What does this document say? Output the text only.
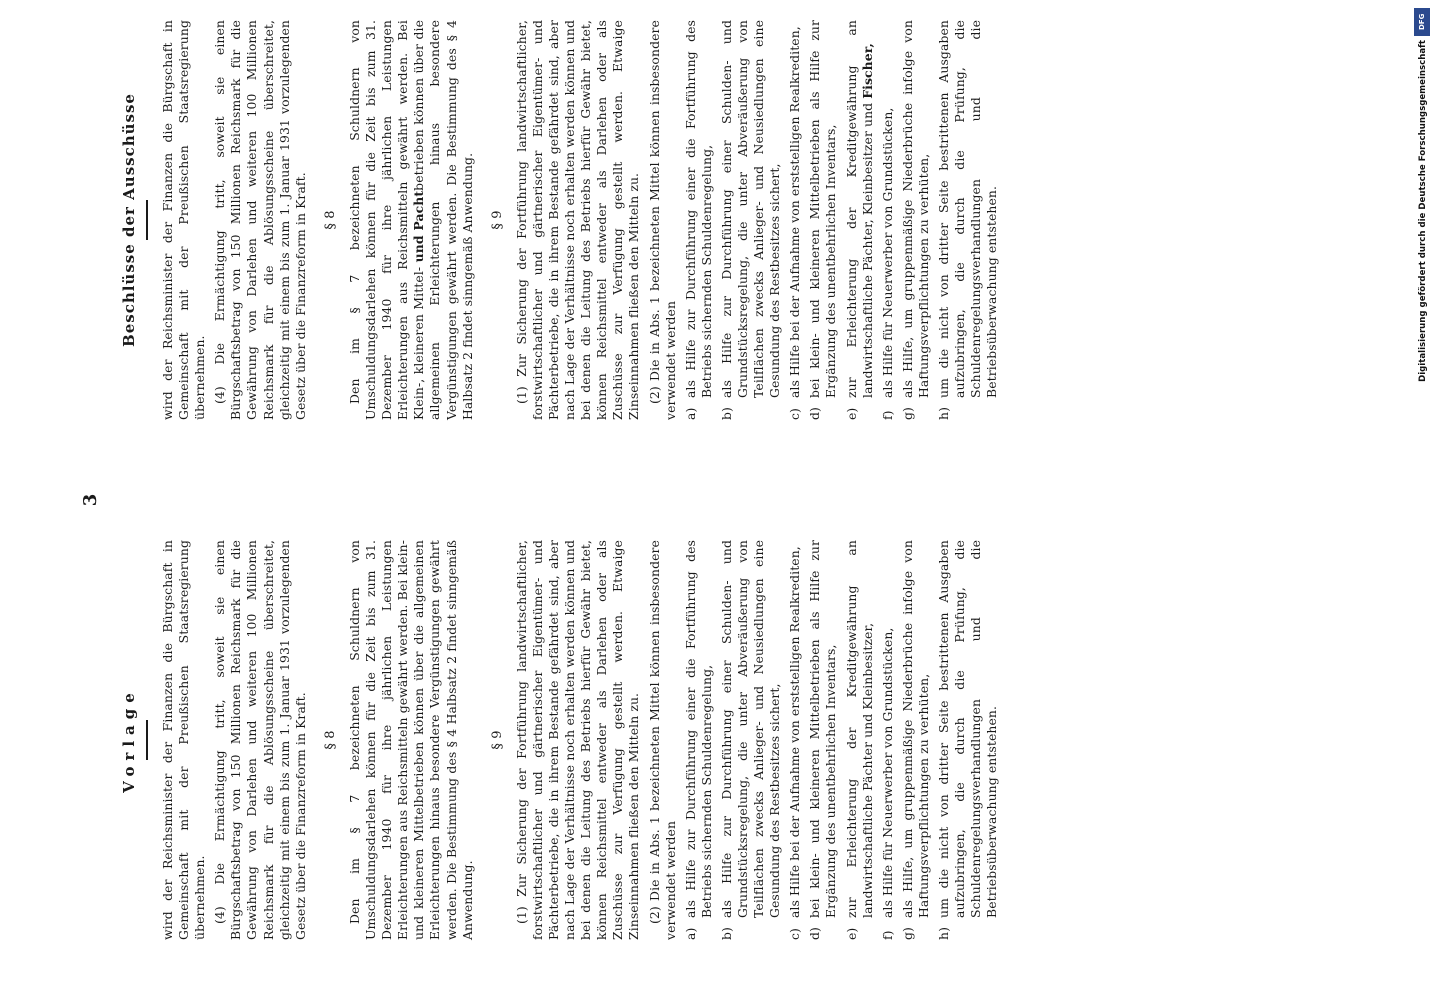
3
Vorlage	wird der Reichsminister der Finanzen die Bürgschaft in Gemeinschaft mit der Preußischen Staatsregierung übernehmen. (4) Die Ermächtigung tritt, soweit sie einen Bürgschaftsbetrag von 150 Millionen Reichsmark für die Gewährung von Darlehen und weiteren 100 Millionen Reichsmark für die Ablösungsscheine überschreitet, gleichzeitig mit einem bis zum 1. Januar 1931 vorzulegenden Gesetz über die Finanzreform in Kraft. § 8 Den im § 7 bezeichneten Schuldnern von Umschuldungsdarlehen können für die Zeit bis zum 31. Dezember 1940 für ihre jährlichen Leistungen Erleichterungen aus Reichsmitteln gewährt werden. Bei klein- und kleineren Mittelbetrieben können über die allgemeinen Erleichterungen hinaus besondere Vergünstigungen gewährt werden. Die Bestimmung des § 4 Halbsatz 2 findet sinngemäß Anwendung.

§ 9 (1) Zur Sicherung der Fortführung landwirtschaftlicher, forstwirtschaftlicher und gärtnerischer Eigentümer- und Pächterbetriebe, die in ihrem Bestande gefährdet sind, aber nach Lage der Verhältnisse noch erhalten werden können und bei denen die Leitung des Betriebs hierfür Gewähr bietet, können Reichsmittel entweder als Darlehen oder als Zuschüsse zur Verfügung gestellt werden. Etwaige Zinseinnahmen fließen den Mitteln zu. (2) Die in Abs. 1 bezeichneten Mittel können insbesondere verwendet werden a)
als Hilfe zur Durchführung einer die Fortführung des Betriebs sichernden Schuldenregelung,
b)
als Hilfe zur Durchführung einer Schulden- und Grundstücksregelung, die unter Abveräußerung von Teilflächen zwecks Anlieger- und Neusiedlungen eine Gesundung des Restbesitzes sichert,
c)
als Hilfe bei der Aufnahme von erststelligen Realkrediten,
d)
bei klein- und kleineren Mittelbetrieben als Hilfe zur Ergänzung des unentbehrlichen Inventars,
e)
zur Erleichterung der Kreditgewährung an landwirtschaftliche Pächter und Kleinbesitzer,
f)
als Hilfe für Neuerwerber von Grundstücken,
g)
als Hilfe, um gruppenmäßige Niederbrüche infolge von Haftungsverpflichtungen zu verhüten,
h)
um die nicht von dritter Seite bestrittenen Ausgaben aufzubringen, die durch die Prüfung, die Schuldenregelungsverhandlungen und die Betriebsüberwachung entstehen.
Beschlüsse der Ausschüsse	wird der Reichsminister der Finanzen die Bürgschaft in Gemeinschaft mit der Preußischen Staatsregierung übernehmen. (4) Die Ermächtigung tritt, soweit sie einen Bürgschaftsbetrag von 150 Millionen Reichsmark für die Gewährung von Darlehen und weiteren 100 Millionen Reichsmark für die Ablösungsscheine überschreitet, gleichzeitig mit einem bis zum 1. Januar 1931 vorzulegenden Gesetz über die Finanzreform in Kraft. § 8 Den im § 7 bezeichneten Schuldnern von Umschuldungsdarlehen können für die Zeit bis zum 31. Dezember 1940 für ihre jährlichen Leistungen Erleichterungen aus Reichsmitteln gewährt werden. Bei Klein-, kleineren Mittel- und Pachtbetrieben können über die allgemeinen Erleichterungen hinaus besondere Vergünstigungen gewährt werden. Die Bestimmung des § 4 Halbsatz 2 findet sinngemäß Anwendung. § 9 (1) Zur Sicherung der Fortführung landwirtschaftlicher, forstwirtschaftlicher und gärtnerischer Eigentümer- und Pächterbetriebe, die in ihrem Bestande gefährdet sind, aber nach Lage der Verhältnisse noch erhalten werden können und bei denen die Leitung des Betriebs hierfür Gewähr bietet, können Reichsmittel entweder als Darlehen oder als Zuschüsse zur Verfügung gestellt werden. Etwaige Zinseinnahmen fließen den Mitteln zu. (2) Die in Abs. 1 bezeichneten Mittel können insbesondere verwendet werden a)
als Hilfe zur Durchführung einer die Fortführung des Betriebs sichernden Schuldenregelung,
b)
als Hilfe zur Durchführung einer Schulden- und Grundstücksregelung, die unter Abveräußerung von Teilflächen zwecks Anlieger- und Neusiedlungen eine Gesundung des Restbesitzes sichert,
c)
als Hilfe bei der Aufnahme von erststelligen Realkrediten,
d)
bei klein- und kleineren Mittelbetrieben als Hilfe zur Ergänzung des unentbehrlichen Inventars,
e)
zur Erleichterung der Kreditgewährung an landwirtschaftliche Pächter, Kleinbesitzer und Fischer,
f)
als Hilfe für Neuerwerber von Grundstücken,
g)
als Hilfe, um gruppenmäßige Niederbrüche infolge von Haftungsverpflichtungen zu verhüten,
h)
um die nicht von dritter Seite bestrittenen Ausgaben aufzubringen, die durch die Prüfung, die Schuldenregelungsverhandlungen und die Betriebsüberwachung entstehen.
DFG
Digitalisierung gefördert durch die Deutsche Forschungsgemeinschaft
